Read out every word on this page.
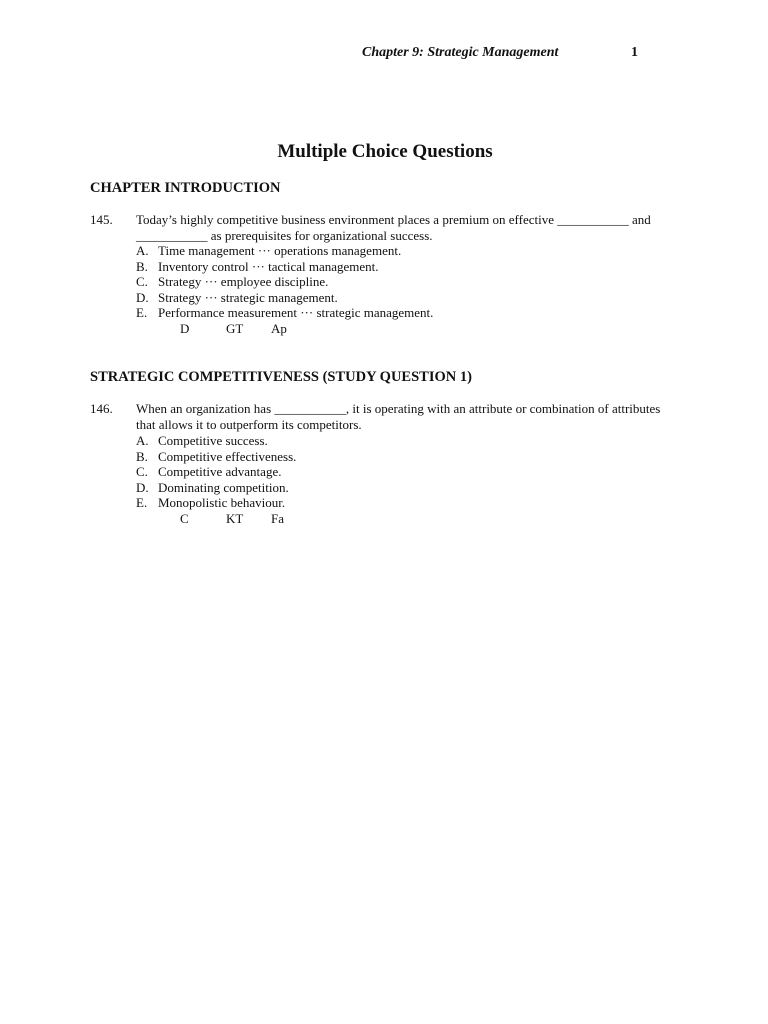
Chapter 9: Strategic Management	1
Multiple Choice Questions
CHAPTER INTRODUCTION
145. Today’s highly competitive business environment places a premium on effective ___________ and ___________ as prerequisites for organizational success.
A. Time management ··· operations management.
B. Inventory control ··· tactical management.
C. Strategy ··· employee discipline.
D. Strategy ··· strategic management.
E. Performance measurement ··· strategic management.
D	GT Ap
STRATEGIC COMPETITIVENESS (STUDY QUESTION 1)
146. When an organization has ___________, it is operating with an attribute or combination of attributes that allows it to outperform its competitors.
A. Competitive success.
B. Competitive effectiveness.
C. Competitive advantage.
D. Dominating competition.
E. Monopolistic behaviour.
C	KT Fa
